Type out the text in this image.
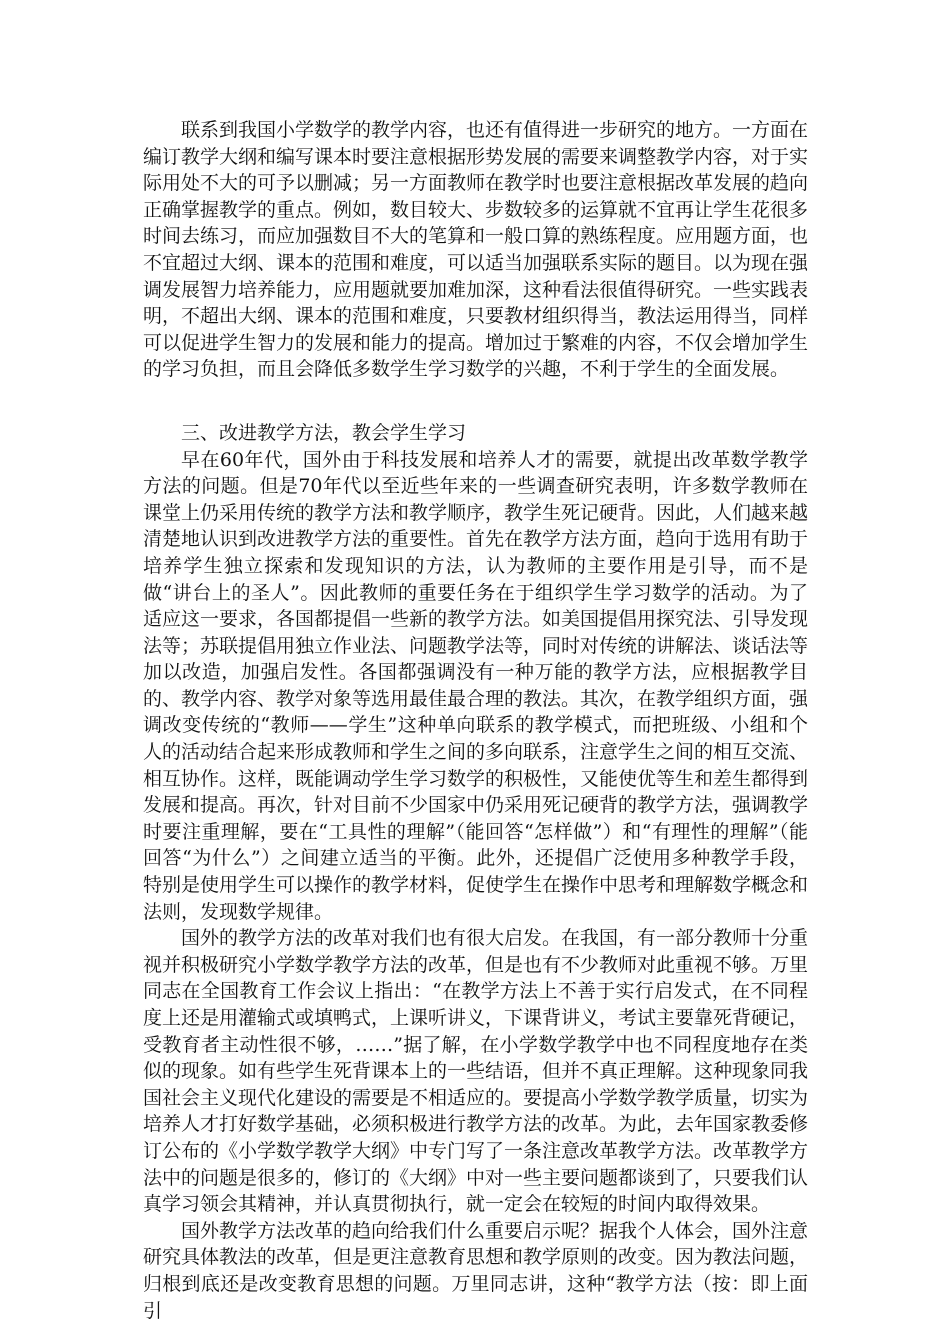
联系到我国小学数学的教学内容，也还有值得进一步研究的地方。一方面在编订教学大纲和编写课本时要注意根据形势发展的需要来调整教学内容，对于实际用处不大的可予以删减；另一方面教师在教学时也要注意根据改革发展的趋向正确掌握教学的重点。例如，数目较大、步数较多的运算就不宜再让学生花很多时间去练习，而应加强数目不大的笔算和一般口算的熟练程度。应用题方面，也不宜超过大纲、课本的范围和难度，可以适当加强联系实际的题目。以为现在强调发展智力培养能力，应用题就要加难加深，这种看法很值得研究。一些实践表明，不超出大纲、课本的范围和难度，只要教材组织得当，教法运用得当，同样可以促进学生智力的发展和能力的提高。增加过于繁难的内容，不仅会增加学生的学习负担，而且会降低多数学生学习数学的兴趣，不利于学生的全面发展。

三、改进教学方法，教会学生学习

早在60年代，国外由于科技发展和培养人才的需要，就提出改革数学教学方法的问题。但是70年代以至近些年来的一些调查研究表明，许多数学教师在课堂上仍采用传统的教学方法和教学顺序，教学生死记硬背。因此，人们越来越清楚地认识到改进教学方法的重要性。首先在教学方法方面，趋向于选用有助于培养学生独立探索和发现知识的方法，认为教师的主要作用是引导，而不是做“讲台上的圣人”。因此教师的重要任务在于组织学生学习数学的活动。为了适应这一要求，各国都提倡一些新的教学方法。如美国提倡用探究法、引导发现法等；苏联提倡用独立作业法、问题教学法等，同时对传统的讲解法、谈话法等加以改造，加强启发性。各国都强调没有一种万能的教学方法，应根据教学目的、教学内容、教学对象等选用最佳最合理的教法。其次，在教学组织方面，强调改变传统的“教师——学生”这种单向联系的教学模式，而把班级、小组和个人的活动结合起来形成教师和学生之间的多向联系，注意学生之间的相互交流、相互协作。这样，既能调动学生学习数学的积极性，又能使优等生和差生都得到发展和提高。再次，针对目前不少国家中仍采用死记硬背的教学方法，强调教学时要注重理解，要在“工具性的理解”（能回答“怎样做”）和“有理性的理解”（能回答“为什么”）之间建立适当的平衡。此外，还提倡广泛使用多种教学手段，特别是使用学生可以操作的教学材料，促使学生在操作中思考和理解数学概念和法则，发现数学规律。

国外的教学方法的改革对我们也有很大启发。在我国，有一部分教师十分重视并积极研究小学数学教学方法的改革，但是也有不少教师对此重视不够。万里同志在全国教育工作会议上指出：“在教学方法上不善于实行启发式，在不同程度上还是用灌输式或填鸭式，上课听讲义，下课背讲义，考试主要靠死背硬记，受教育者主动性很不够，……”据了解，在小学数学教学中也不同程度地存在类似的现象。如有些学生死背课本上的一些结语，但并不真正理解。这种现象同我国社会主义现代化建设的需要是不相适应的。要提高小学数学教学质量，切实为培养人才打好数学基础，必须积极进行教学方法的改革。为此，去年国家教委修订公布的《小学数学教学大纲》中专门写了一条注意改革教学方法。改革教学方法中的问题是很多的，修订的《大纲》中对一些主要问题都谈到了，只要我们认真学习领会其精神，并认真贯彻执行，就一定会在较短的时间内取得效果。

国外教学方法改革的趋向给我们什么重要启示呢？据我个人体会，国外注意研究具体教法的改革，但是更注意教育思想和教学原则的改变。因为教法问题，归根到底还是改变教育思想的问题。万里同志讲，这种“教学方法（按：即上面引
